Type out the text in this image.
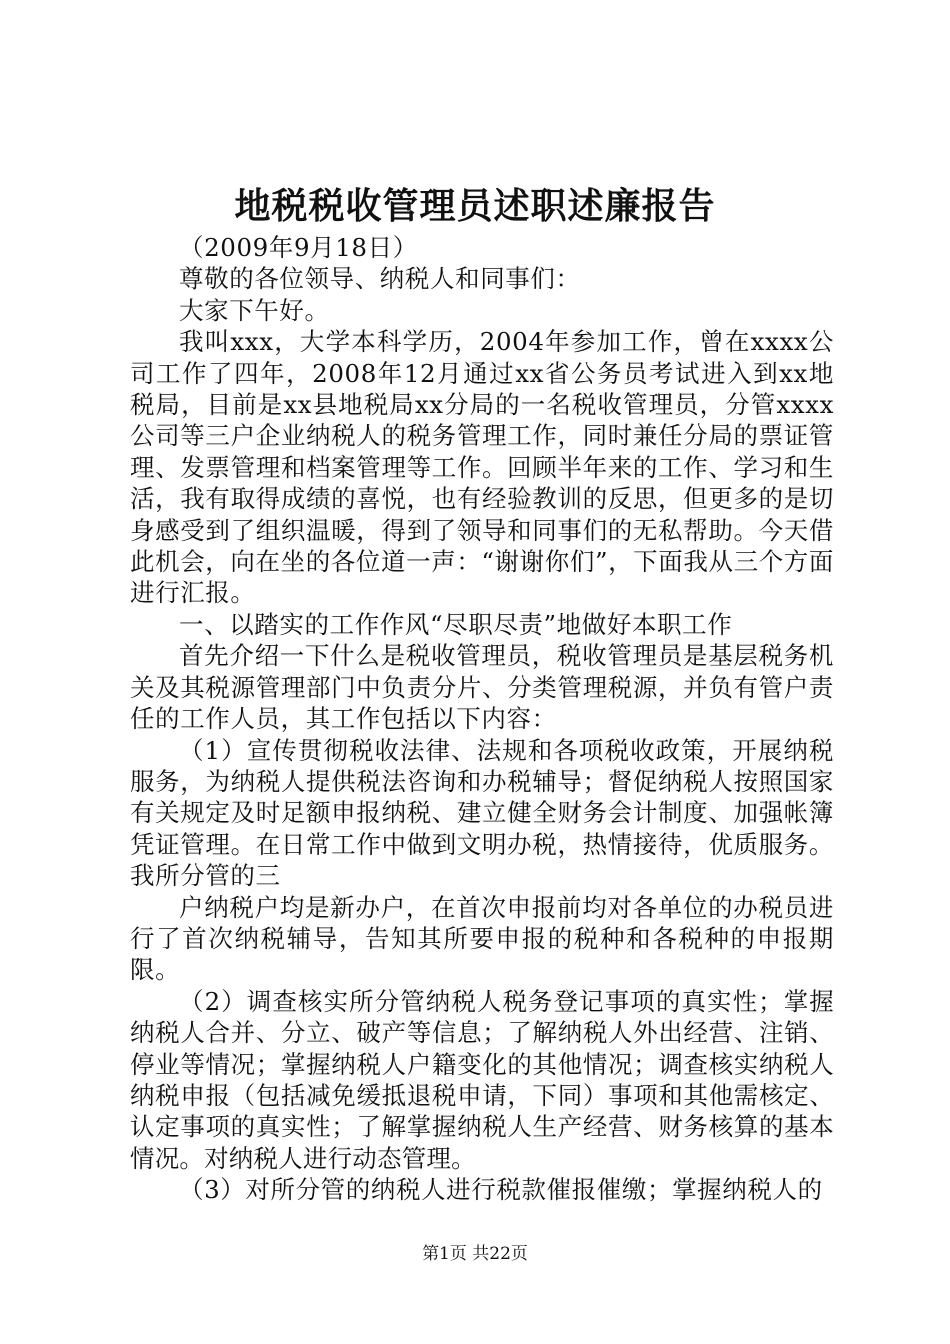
地税税收管理员述职述廉报告

（2009年9月18日）

尊敬的各位领导、纳税人和同事们：

大家下午好。

我叫xxx，大学本科学历，2004年参加工作，曾在xxxx公司工作了四年，2008年12月通过xx省公务员考试进入到xx地税局，目前是xx县地税局xx分局的一名税收管理员，分管xxxx公司等三户企业纳税人的税务管理工作，同时兼任分局的票证管理、发票管理和档案管理等工作。回顾半年来的工作、学习和生活，我有取得成绩的喜悦，也有经验教训的反思，但更多的是切身感受到了组织温暖，得到了领导和同事们的无私帮助。今天借此机会，向在坐的各位道一声：“谢谢你们”，下面我从三个方面进行汇报。

一、以踏实的工作作风“尽职尽责”地做好本职工作

首先介绍一下什么是税收管理员，税收管理员是基层税务机关及其税源管理部门中负责分片、分类管理税源，并负有管户责任的工作人员，其工作包括以下内容：

（1）宣传贯彻税收法律、法规和各项税收政策，开展纳税服务，为纳税人提供税法咨询和办税辅导；督促纳税人按照国家有关规定及时足额申报纳税、建立健全财务会计制度、加强帐簿凭证管理。在日常工作中做到文明办税，热情接待，优质服务。我所分管的三

户纳税户均是新办户，在首次申报前均对各单位的办税员进行了首次纳税辅导，告知其所要申报的税种和各税种的申报期限。

（2）调查核实所分管纳税人税务登记事项的真实性；掌握纳税人合并、分立、破产等信息；了解纳税人外出经营、注销、停业等情况；掌握纳税人户籍变化的其他情况；调查核实纳税人纳税申报（包括减免缓抵退税申请，下同）事项和其他需核定、认定事项的真实性；了解掌握纳税人生产经营、财务核算的基本情况。对纳税人进行动态管理。

（3）对所分管的纳税人进行税款催报催缴；掌握纳税人的

第1页 共22页
